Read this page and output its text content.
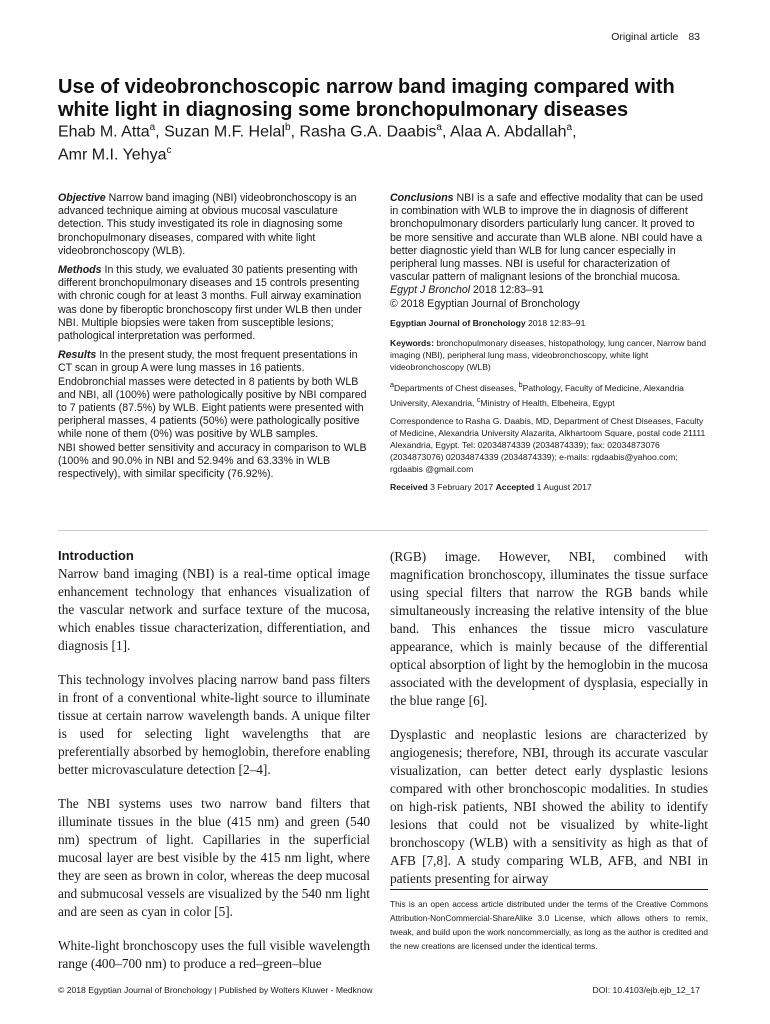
Original article 83
Use of videobronchoscopic narrow band imaging compared with white light in diagnosing some bronchopulmonary diseases
Ehab M. Atta$^a$, Suzan M.F. Helal$^b$, Rasha G.A. Daabis$^a$, Alaa A. Abdallah$^a$,
Amr M.I. Yehya$^c$

Objective Narrow band imaging (NBI) videobronchoscopy is an advanced technique aiming at obvious mucosal vasculature detection. This study investigated its role in diagnosing some bronchopulmonary diseases, compared with white light videobronchoscopy (WLB).

Methods In this study, we evaluated 30 patients presenting with different bronchopulmonary diseases and 15 controls presenting with chronic cough for at least 3 months. Full airway examination was done by fiberoptic bronchoscopy first under WLB then under NBI. Multiple biopsies were taken from susceptible lesions; pathological interpretation was performed.

Results In the present study, the most frequent presentations in CT scan in group A were lung masses in 16 patients. Endobronchial masses were detected in 8 patients by both WLB and NBI, all (100%) were pathologically positive by NBI compared to 7 patients (87.5%) by WLB. Eight patients were presented with peripheral masses, 4 patients (50%) were pathologically positive while none of them (0%) was positive by WLB samples.

NBI showed better sensitivity and accuracy in comparison to WLB (100% and 90.0% in NBI and 52.94% and 63.33% in WLB respectively), with similar specificity (76.92%).

Conclusions NBI is a safe and effective modality that can be used in combination with WLB to improve the in diagnosis of different bronchopulmonary disorders particularly lung cancer. It proved to be more sensitive and accurate than WLB alone. NBI could have a better diagnostic yield than WLB for lung cancer especially in peripheral lung masses. NBI is useful for characterization of vascular pattern of malignant lesions of the bronchial mucosa.

Egypt J Bronchol 2018 12:83–91

© 2018 Egyptian Journal of Bronchology

Egyptian Journal of Bronchology 2018 12:83–91

Keywords: bronchopulmonary diseases, histopathology, lung cancer, Narrow band imaging (NBI), peripheral lung mass, videobronchoscopy, white light videobronchoscopy (WLB)

$^a$Departments of Chest diseases, $^b$Pathology, Faculty of Medicine, Alexandria University, Alexandria, $^c$Ministry of Health, Elbeheira, Egypt

Correspondence to Rasha G. Daabis, MD, Department of Chest Diseases, Faculty of Medicine, Alexandria University Alazarita, Alkhartoom Square, postal code 21111 Alexandria, Egypt. Tel: 02034874339 (2034874339); fax: 02034873076 (2034873076) 02034874339 (2034874339); e-mails: rgdaabis@yahoo.com; rgdaabis @gmail.com

Received 3 February 2017 Accepted 1 August 2017

Introduction

Narrow band imaging (NBI) is a real-time optical image enhancement technology that enhances visualization of the vascular network and surface texture of the mucosa, which enables tissue characterization, differentiation, and diagnosis [1].

This technology involves placing narrow band pass filters in front of a conventional white-light source to illuminate tissue at certain narrow wavelength bands. A unique filter is used for selecting light wavelengths that are preferentially absorbed by hemoglobin, therefore enabling better microvasculature detection [2–4].

The NBI systems uses two narrow band filters that illuminate tissues in the blue (415 nm) and green (540 nm) spectrum of light. Capillaries in the superficial mucosal layer are best visible by the 415 nm light, where they are seen as brown in color, whereas the deep mucosal and submucosal vessels are visualized by the 540 nm light and are seen as cyan in color [5].

White-light bronchoscopy uses the full visible wavelength range (400–700 nm) to produce a red–green–blue

(RGB) image. However, NBI, combined with magnification bronchoscopy, illuminates the tissue surface using special filters that narrow the RGB bands while simultaneously increasing the relative intensity of the blue band. This enhances the tissue micro vasculature appearance, which is mainly because of the differential optical absorption of light by the hemoglobin in the mucosa associated with the development of dysplasia, especially in the blue range [6].

Dysplastic and neoplastic lesions are characterized by angiogenesis; therefore, NBI, through its accurate vascular visualization, can better detect early dysplastic lesions compared with other bronchoscopic modalities. In studies on high-risk patients, NBI showed the ability to identify lesions that could not be visualized by white-light bronchoscopy (WLB) with a sensitivity as high as that of AFB [7,8]. A study comparing WLB, AFB, and NBI in patients presenting for airway

This is an open access article distributed under the terms of the Creative Commons Attribution-NonCommercial-ShareAlike 3.0 License, which allows others to remix, tweak, and build upon the work noncommercially, as long as the author is credited and the new creations are licensed under the identical terms.

© 2018 Egyptian Journal of Bronchology | Published by Wolters Kluwer - Medknow	DOI: 10.4103/ejb.ejb_12_17
